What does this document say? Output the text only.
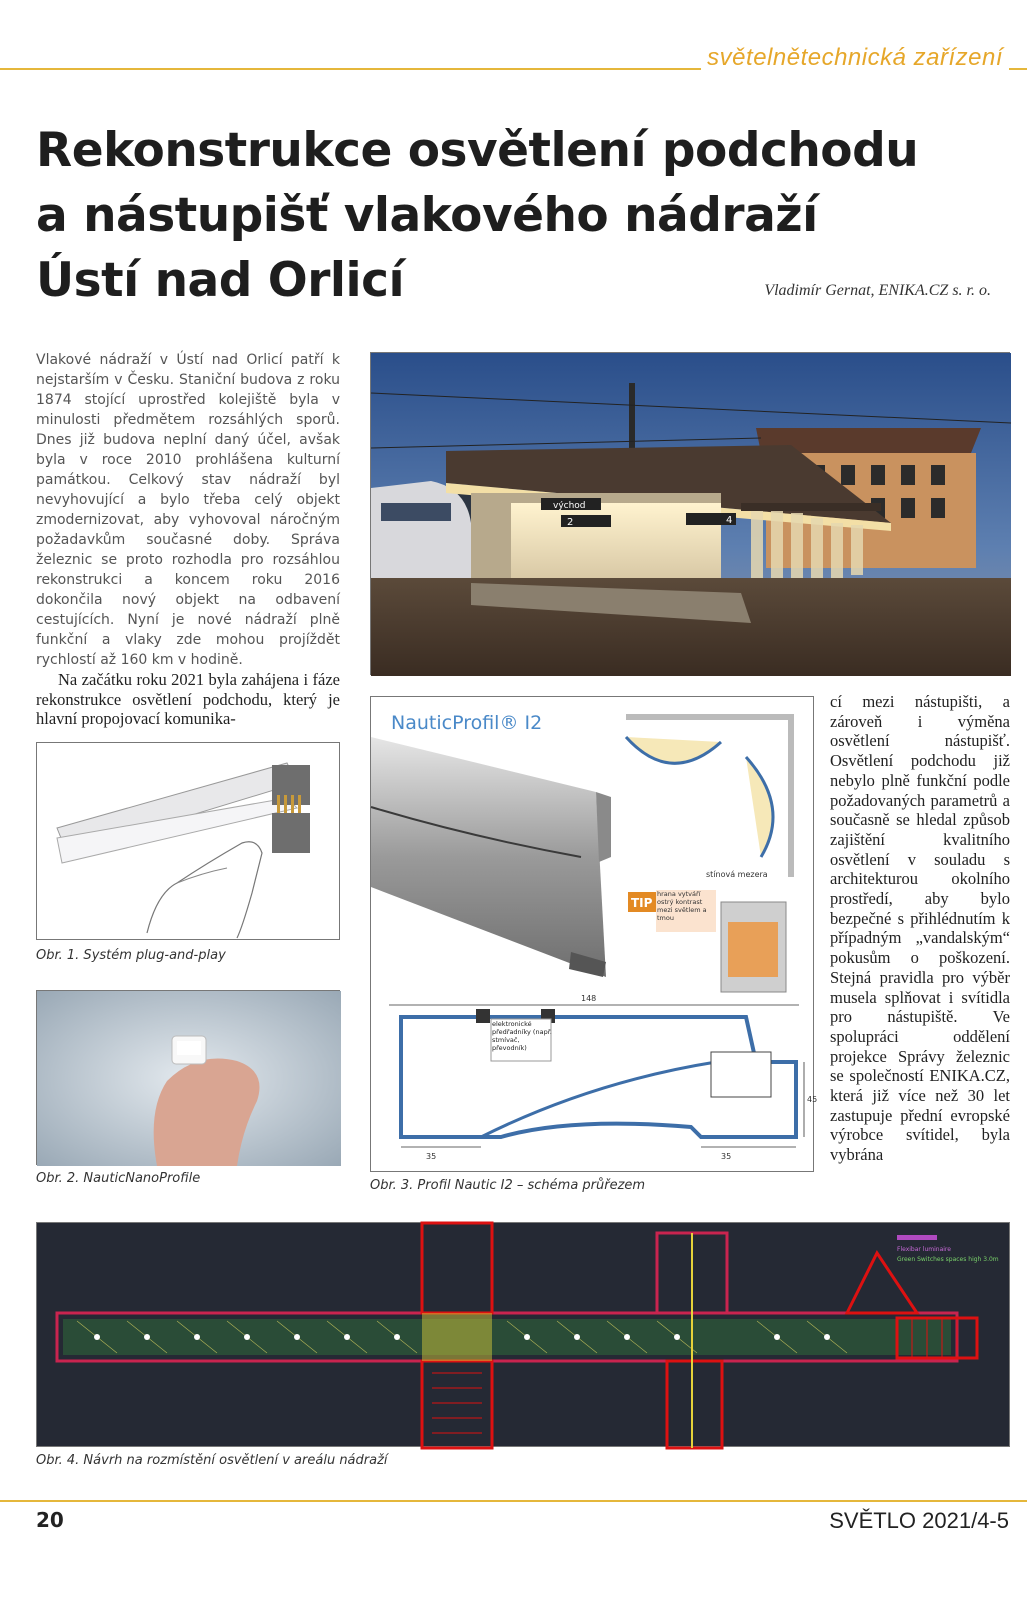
světelnětechnická zařízení
Rekonstrukce osvětlení podchodu
a nástupišť vlakového nádraží
Ústí nad Orlicí	Vladimír Gernat, ENIKA.CZ s. r. o.
Vlakové nádraží v Ústí nad Orlicí patří k nejstarším v Česku. Staniční budova z roku 1874 stojící uprostřed kolejiště byla v minulosti předmětem rozsáhlých sporů. Dnes již budova neplní daný účel, avšak byla v roce 2010 prohlášena kulturní památkou. Celkový stav nádraží byl nevyhovující a bylo třeba celý objekt zmodernizovat, aby vyhovoval náročným požadavkům současné doby. Správa železnic se proto rozhodla pro rozsáhlou rekonstrukci a koncem roku 2016 dokončila nový objekt na odbavení cestujících. Nyní je nové nádraží plně funkční a vlaky zde mohou projíždět rychlostí až 160 km v hodině.
východ
2	4
Na začátku roku 2021 byla zahájena i fáze rekonstrukce osvětlení podchodu, který je hlavní propojovací komunika-
Obr. 1. Systém plug-and-play
Obr. 2. NauticNanoProfile
NauticProfil® I2
stínová mezera
TIP
hrana vytváří ostrý kontrast mezi světlem a tmou
148
elektronické předřadníky (např. stmívač, převodník)
45
35	35
Obr. 3. Profil Nautic I2 – schéma průřezem
cí mezi nástupišti, a zároveň i výměna osvětlení nástupišť. Osvětlení podchodu již nebylo plně funkční podle požadovaných parametrů a současně se hledal způsob zajištění kvalitního osvětlení v souladu s architekturou okolního prostředí, aby bylo bezpečné s přihlédnutím k případným „vandalským“ pokusům o poškození. Stejná pravidla pro výběr musela splňovat i svítidla pro nástupiště. Ve spolupráci oddělení projekce Správy železnic se společností ENIKA.CZ, která již více než 30 let zastupuje přední evropské výrobce svítidel, byla vybrána
Flexibar luminaire
Green Switches spaces high 3.0m
Obr. 4. Návrh na rozmístění osvětlení v areálu nádraží
20	SVĚTLO 2021/4-5
